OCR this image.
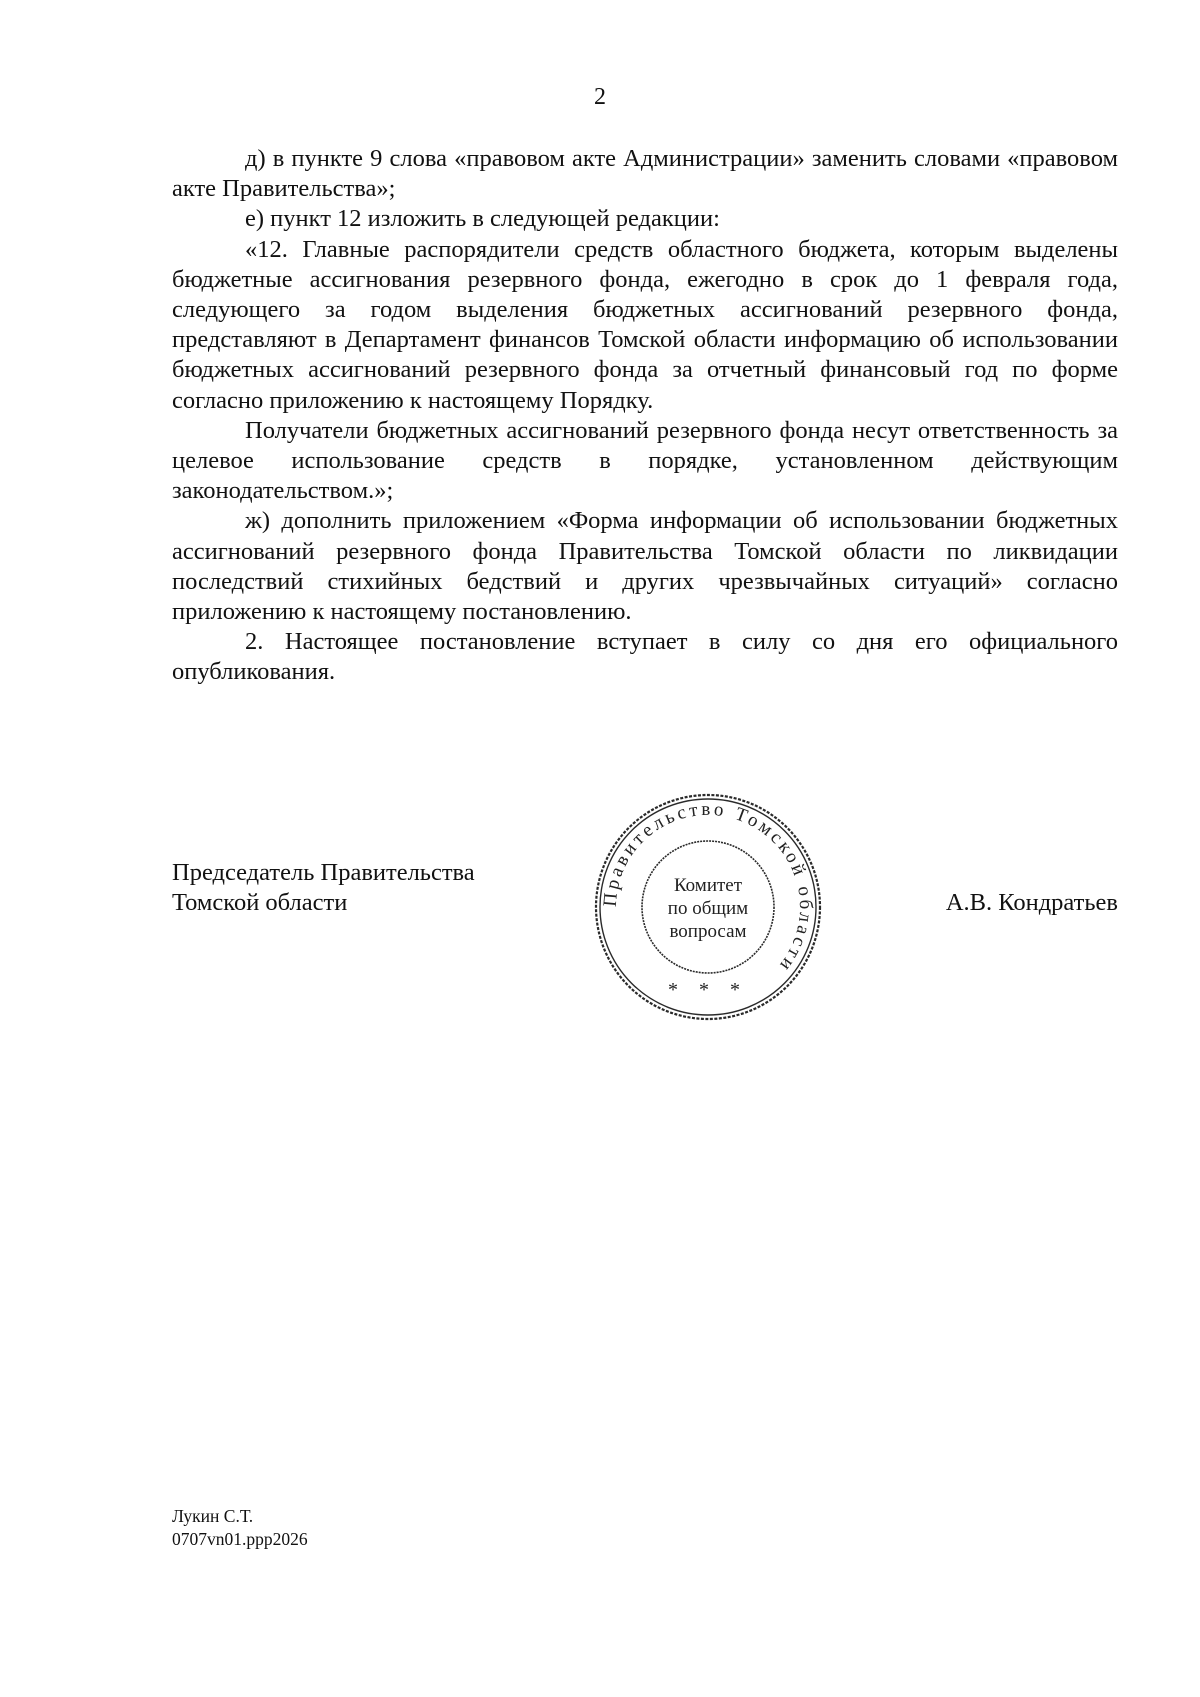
2

д) в пункте 9 слова «правовом акте Администрации» заменить словами «правовом акте Правительства»;

е) пункт 12 изложить в следующей редакции:

«12. Главные распорядители средств областного бюджета, которым выделены бюджетные ассигнования резервного фонда, ежегодно в срок до 1 февраля года, следующего за годом выделения бюджетных ассигнований резервного фонда, представляют в Департамент финансов Томской области информацию об использовании бюджетных ассигнований резервного фонда за отчетный финансовый год по форме согласно приложению к настоящему Порядку.

Получатели бюджетных ассигнований резервного фонда несут ответственность за целевое использование средств в порядке, установленном действующим законодательством.»;

ж) дополнить приложением «Форма информации об использовании бюджетных ассигнований резервного фонда Правительства Томской области по ликвидации последствий стихийных бедствий и других чрезвычайных ситуаций» согласно приложению к настоящему постановлению.

2. Настоящее постановление вступает в силу со дня его официального опубликования.

Председатель Правительства
Томской области	Правительство Томской области
Комитет
по общим
вопросам
* * *
А.В. Кондратьев
Лукин С.Т.
0707vn01.ppp2026
